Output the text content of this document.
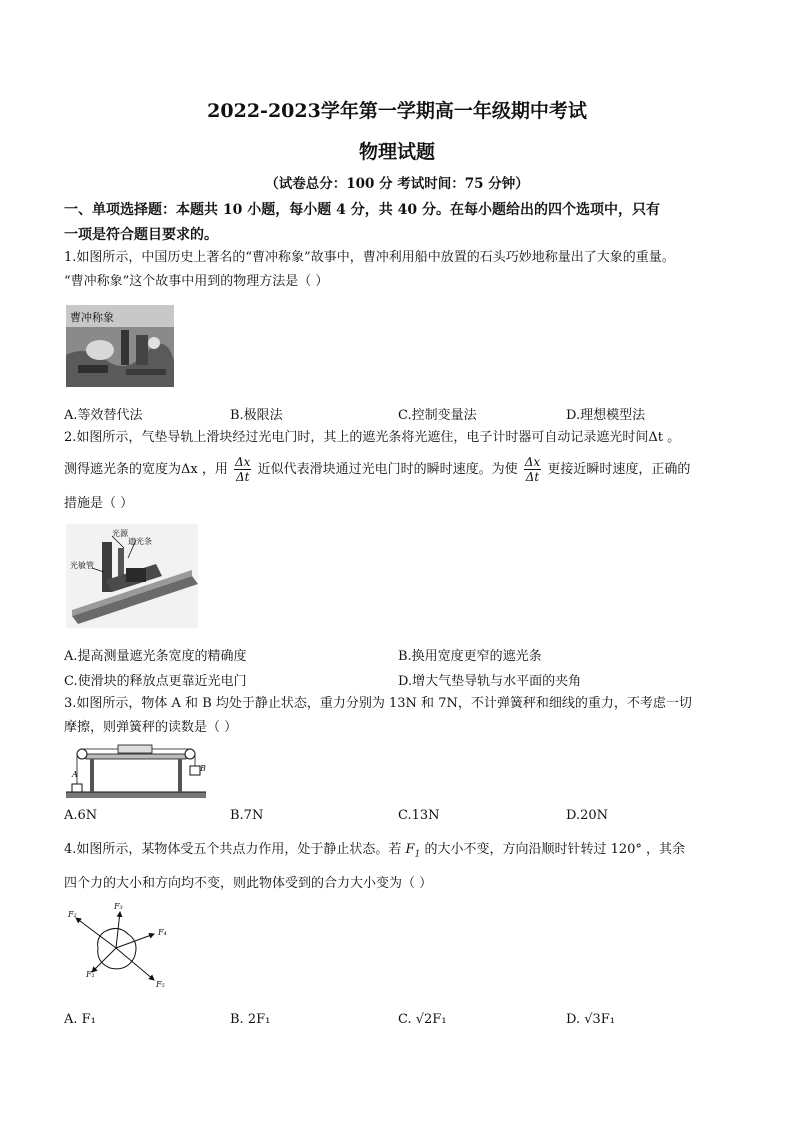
2022-2023学年第一学期高一年级期中考试
物理试题
（试卷总分：100 分 考试时间：75 分钟）
一、单项选择题：本题共 10 小题，每小题 4 分，共 40 分。在每小题给出的四个选项中，只有
一项是符合题目要求的。
1.如图所示，中国历史上著名的“曹冲称象”故事中，曹冲利用船中放置的石头巧妙地称量出了大象的重量。
“曹冲称象”这个故事中用到的物理方法是（ ）
曹冲称象
A.等效替代法	B.极限法	C.控制变量法	D.理想模型法
2.如图所示，气垫导轨上滑块经过光电门时，其上的遮光条将光遮住，电子计时器可自动记录遮光时间Δt 。
测得遮光条的宽度为Δx ，用 $\frac{\Delta x}{\Delta t}$ 近似代表滑块通过光电门时的瞬时速度。为使 $\frac{\Delta x}{\Delta t}$ 更接近瞬时速度，正确的
措施是（ ）
光源
遮光条
光敏管
A.提高测量遮光条宽度的精确度	B.换用宽度更窄的遮光条
C.使滑块的释放点更靠近光电门	D.增大气垫导轨与水平面的夹角
3.如图所示，物体 A 和 B 均处于静止状态，重力分别为 13N 和 7N，不计弹簧秤和细线的重力，不考虑一切
摩擦，则弹簧秤的读数是（ ）
A
B
A.6N	B.7N	C.13N	D.20N
4.如图所示，某物体受五个共点力作用，处于静止状态。若 $F_1$ 的大小不变，方向沿顺时针转过 120° ，其余
四个力的大小和方向均不变，则此物体受到的合力大小变为（ ）
F₂
F₃
F₄
F₁
F₅
A. F₁	B. 2F₁	C. √2F₁	D. √3F₁
